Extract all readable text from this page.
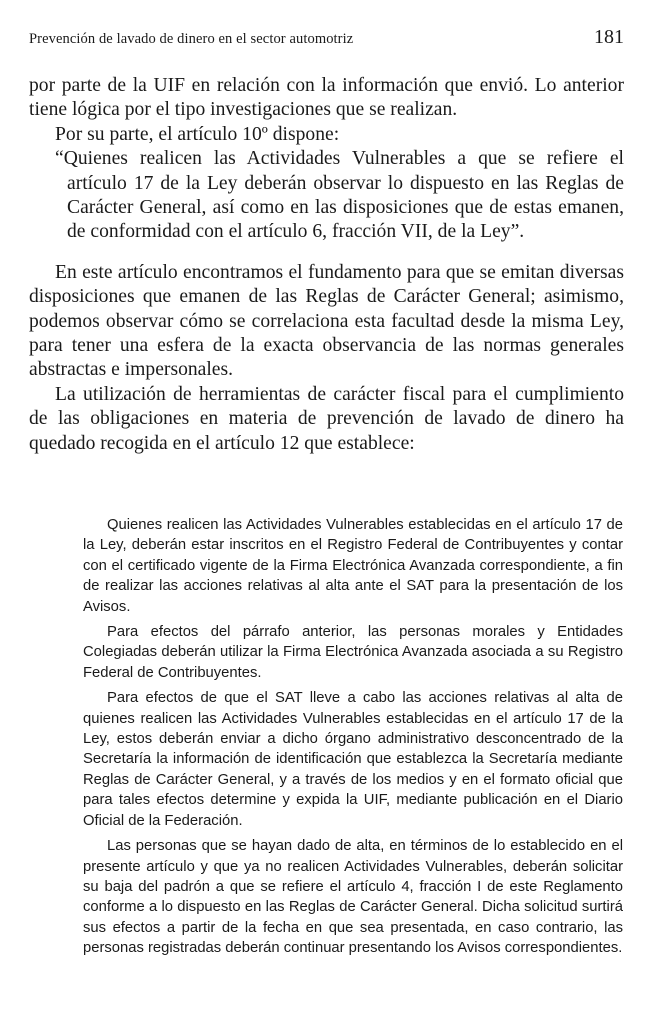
Prevención de lavado de dinero en el sector automotriz	181

por parte de la UIF en relación con la información que envió. Lo anterior tiene lógica por el tipo investigaciones que se realizan.

Por su parte, el artículo 10º dispone:

“Quienes realicen las Actividades Vulnerables a que se refiere el artículo 17 de la Ley deberán observar lo dispuesto en las Reglas de Carácter General, así como en las disposiciones que de estas emanen, de conformidad con el artículo 6, fracción VII, de la Ley”.

En este artículo encontramos el fundamento para que se emitan diversas disposiciones que emanen de las Reglas de Carácter General; asimismo, podemos observar cómo se correlaciona esta facultad desde la misma Ley, para tener una esfera de la exacta observancia de las normas generales abstractas e impersonales.

La utilización de herramientas de carácter fiscal para el cumplimiento de las obligaciones en materia de prevención de lavado de dinero ha quedado recogida en el artículo 12 que establece:

Quienes realicen las Actividades Vulnerables establecidas en el artículo 17 de la Ley, deberán estar inscritos en el Registro Federal de Contribuyentes y contar con el certificado vigente de la Firma Electrónica Avanzada correspondiente, a fin de realizar las acciones relativas al alta ante el SAT para la presentación de los Avisos.

Para efectos del párrafo anterior, las personas morales y Entidades Colegiadas deberán utilizar la Firma Electrónica Avanzada asociada a su Registro Federal de Contribuyentes.

Para efectos de que el SAT lleve a cabo las acciones relativas al alta de quienes realicen las Actividades Vulnerables establecidas en el artículo 17 de la Ley, estos deberán enviar a dicho órgano administrativo desconcentrado de la Secretaría la información de identificación que establezca la Secretaría mediante Reglas de Carácter General, y a través de los medios y en el formato oficial que para tales efectos determine y expida la UIF, mediante publicación en el Diario Oficial de la Federación.

Las personas que se hayan dado de alta, en términos de lo establecido en el presente artículo y que ya no realicen Actividades Vulnerables, deberán solicitar su baja del padrón a que se refiere el artículo 4, fracción I de este Reglamento conforme a lo dispuesto en las Reglas de Carácter General. Dicha solicitud surtirá sus efectos a partir de la fecha en que sea presentada, en caso contrario, las personas registradas deberán continuar presentando los Avisos correspondientes.
